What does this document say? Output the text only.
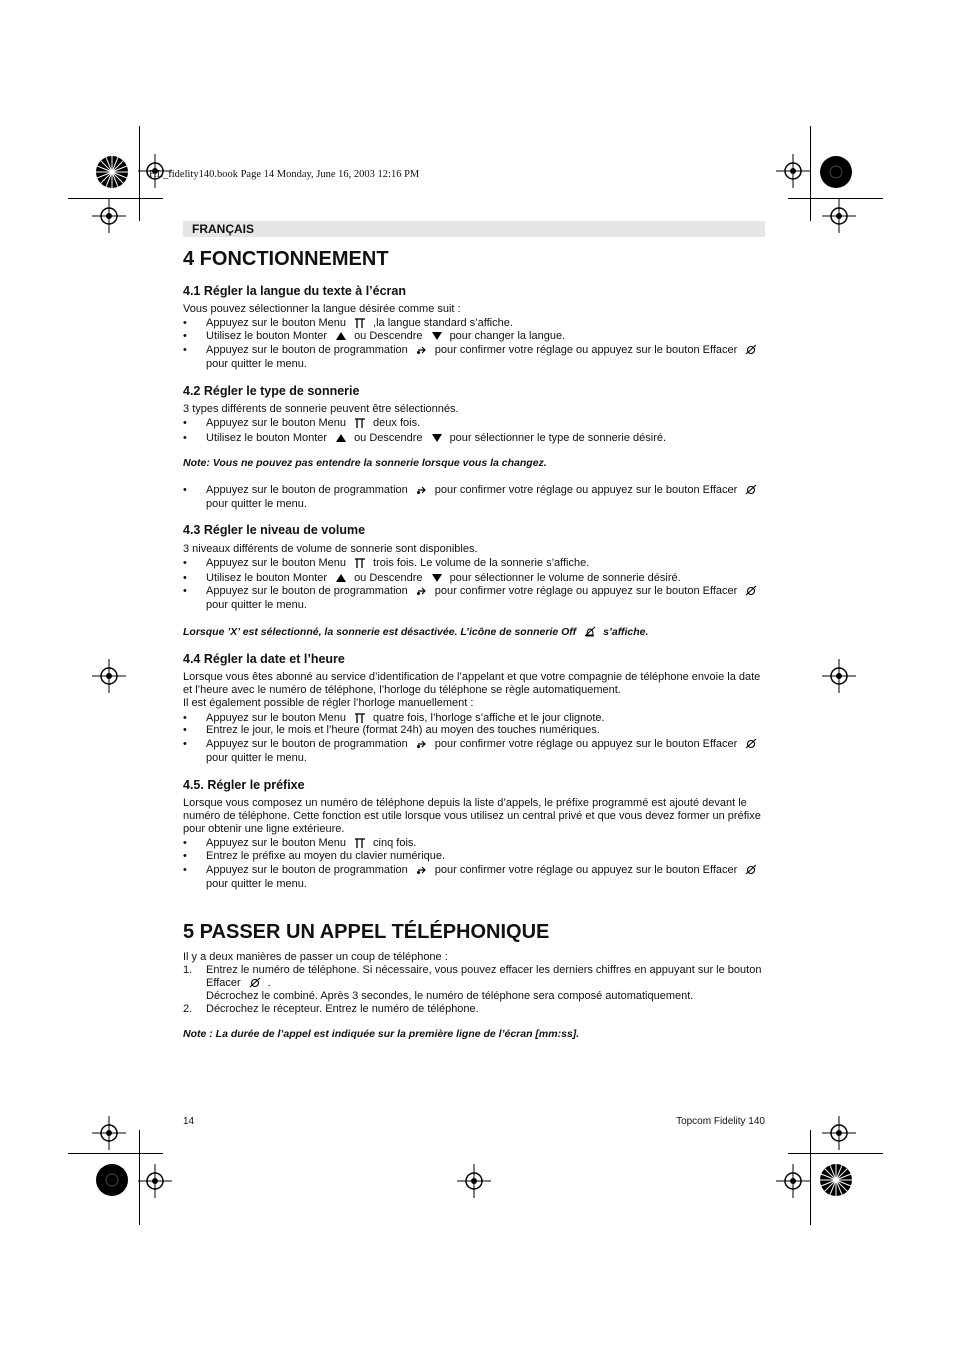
HL_fidelity140.book Page 14 Monday, June 16, 2003 12:16 PM
FRANÇAIS
4 FONCTIONNEMENT
4.1 Régler la langue du texte à l’écran
Vous pouvez sélectionner la langue désirée comme suit :
• Appuyez sur le bouton Menu ,la langue standard s’affiche.
• Utilisez le bouton Monter ou Descendre pour changer la langue.
• Appuyez sur le bouton de programmation pour confirmer votre réglage ou appuyez sur le bouton Effacer
pour quitter le menu.
4.2 Régler le type de sonnerie
3 types différents de sonnerie peuvent être sélectionnés.
• Appuyez sur le bouton Menu deux fois.
• Utilisez le bouton Monter ou Descendre pour sélectionner le type de sonnerie désiré.
Note: Vous ne pouvez pas entendre la sonnerie lorsque vous la changez.
• Appuyez sur le bouton de programmation pour confirmer votre réglage ou appuyez sur le bouton Effacer
pour quitter le menu.
4.3 Régler le niveau de volume
3 niveaux différents de volume de sonnerie sont disponibles.
• Appuyez sur le bouton Menu trois fois. Le volume de la sonnerie s’affiche.
• Utilisez le bouton Monter ou Descendre pour sélectionner le volume de sonnerie désiré.
• Appuyez sur le bouton de programmation pour confirmer votre réglage ou appuyez sur le bouton Effacer
pour quitter le menu.
Lorsque ’X’ est sélectionné, la sonnerie est désactivée. L’icône de sonnerie Off	s’affiche.
4.4 Régler la date et l’heure
Lorsque vous êtes abonné au service d’identification de l’appelant et que votre compagnie de téléphone envoie la date
et l’heure avec le numéro de téléphone, l’horloge du téléphone se règle automatiquement.
Il est également possible de régler l’horloge manuellement :
• Appuyez sur le bouton Menu quatre fois, l’horloge s’affiche et le jour clignote.
• Entrez le jour, le mois et l’heure (format 24h) au moyen des touches numériques.
• Appuyez sur le bouton de programmation pour confirmer votre réglage ou appuyez sur le bouton Effacer
pour quitter le menu.
4.5. Régler le préfixe
Lorsque vous composez un numéro de téléphone depuis la liste d’appels, le préfixe programmé est ajouté devant le
numéro de téléphone. Cette fonction est utile lorsque vous utilisez un central privé et que vous devez former un préfixe
pour obtenir une ligne extérieure.
• Appuyez sur le bouton Menu cinq fois.
• Entrez le préfixe au moyen du clavier numérique.
• Appuyez sur le bouton de programmation pour confirmer votre réglage ou appuyez sur le bouton Effacer
pour quitter le menu.
5 PASSER UN APPEL TÉLÉPHONIQUE
Il y a deux manières de passer un coup de téléphone :
1. Entrez le numéro de téléphone. Si nécessaire, vous pouvez effacer les derniers chiffres en appuyant sur le bouton
Effacer .
Décrochez le combiné. Après 3 secondes, le numéro de téléphone sera composé automatiquement.
2. Décrochez le récepteur. Entrez le numéro de téléphone.
Note : La durée de l’appel est indiquée sur la première ligne de l’écran [mm:ss].
14	Topcom Fidelity 140
